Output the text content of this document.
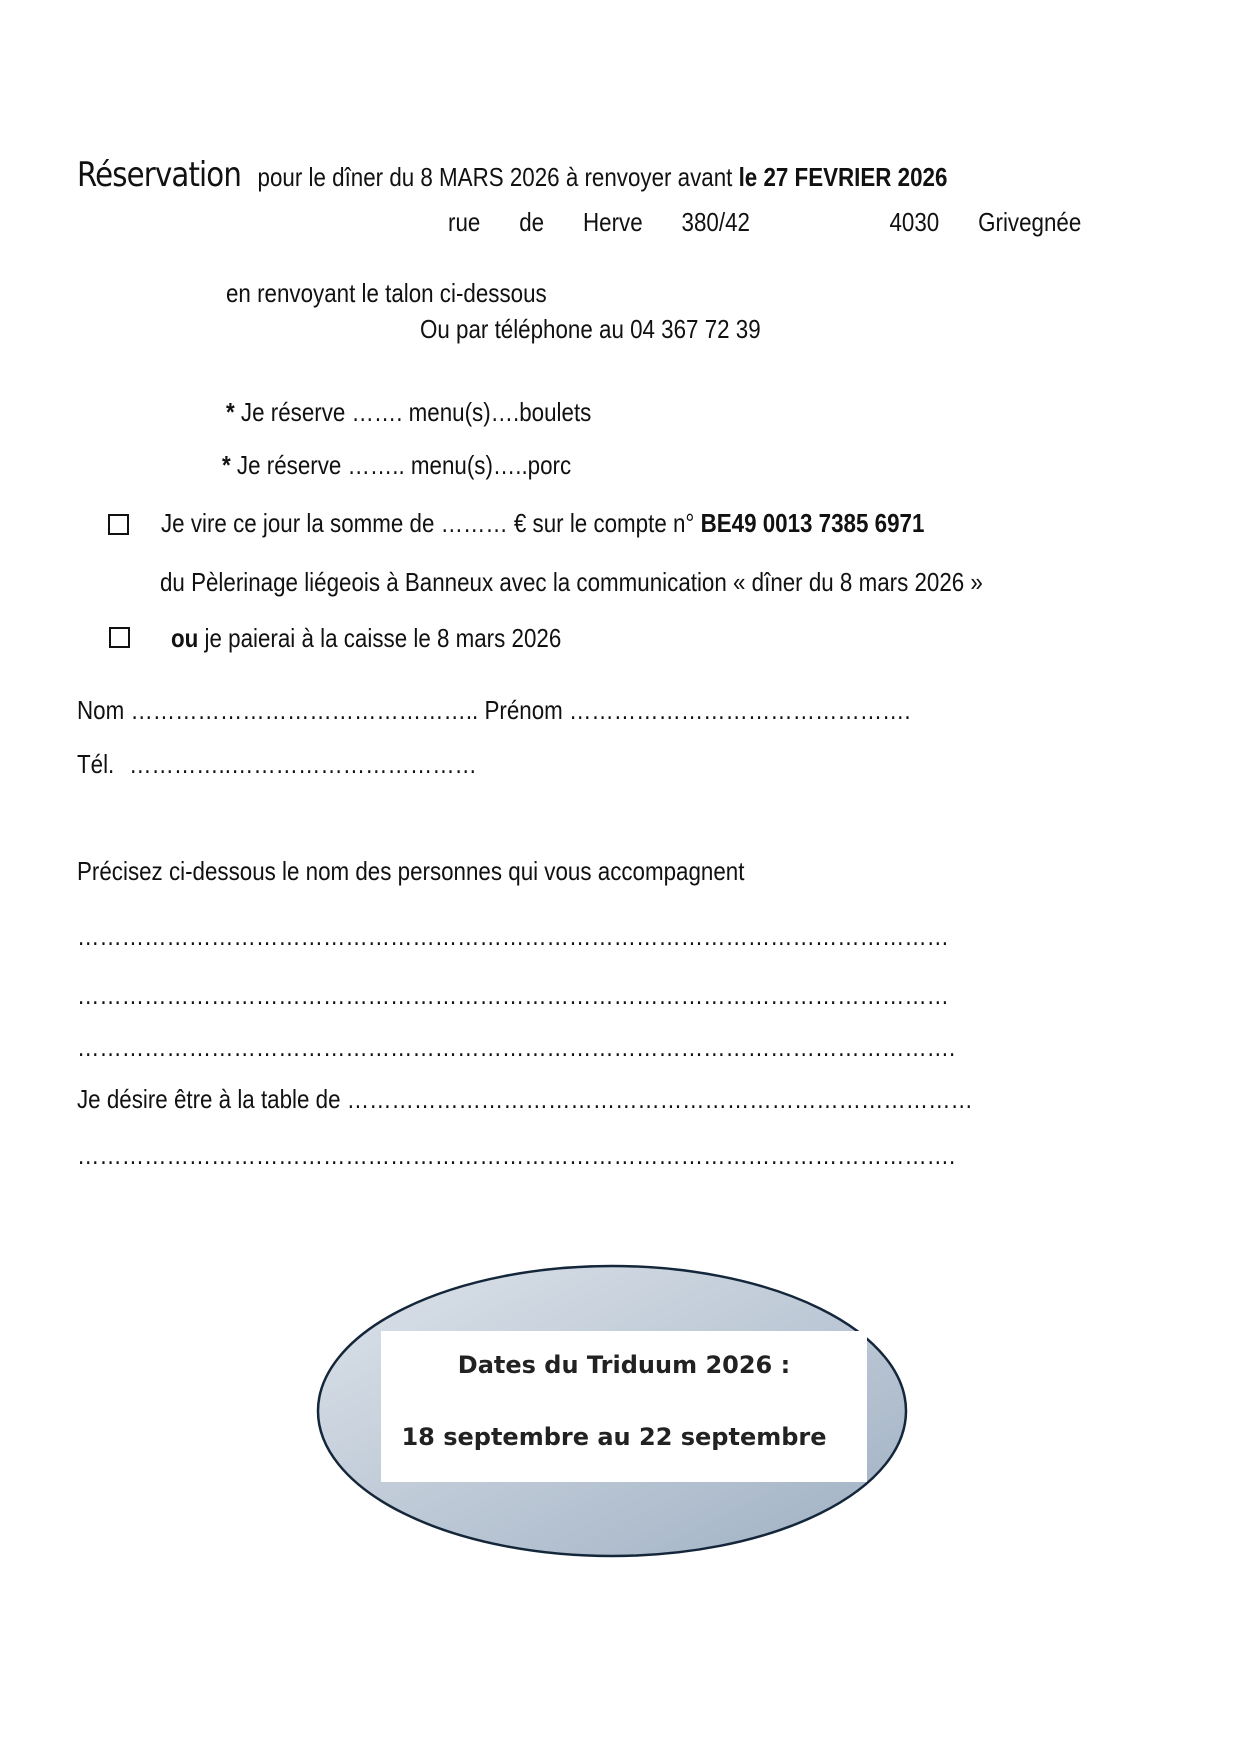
Réservation pour le dîner du 8 MARS 2026 à renvoyer avant le 27 FEVRIER 2026
rue de Herve 380/42	4030 Grivegnée
en renvoyant le talon ci-dessous
Ou par téléphone au 04 367 72 39
* Je réserve ……. menu(s)….boulets
* Je réserve …….. menu(s)…..porc
Je vire ce jour la somme de ……… € sur le compte n° BE49 0013 7385 6971
du Pèlerinage liégeois à Banneux avec la communication « dîner du 8 mars 2026 »
ou je paierai à la caisse le 8 mars 2026
Nom ……………………………………….. Prénom ……………………………………….
Tél. …………..……………………………
Précisez ci-dessous le nom des personnes qui vous accompagnent
………………………………………………………………………………………………………
………………………………………………………………………………………………………
……………………………………………………………………………………………………….
Je désire être à la table de …………………………………………………………………………
……………………………………………………………………………………………………….
Dates du Triduum 2026 :
18 septembre au 22 septembre
